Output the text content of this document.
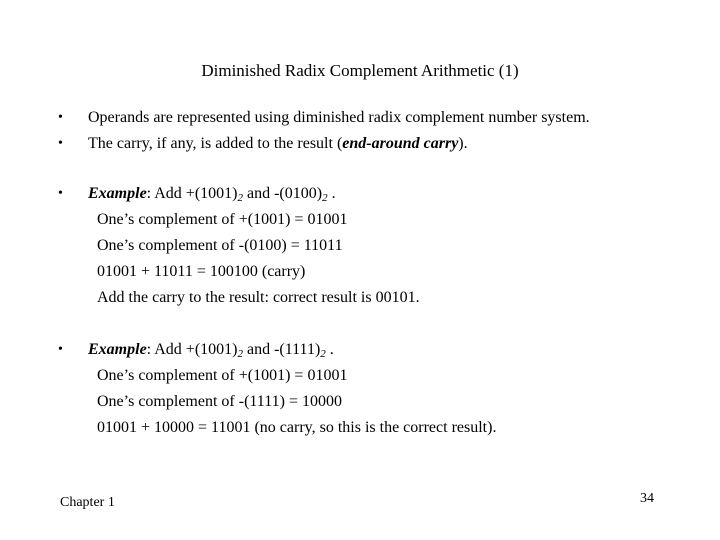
Diminished Radix Complement Arithmetic (1)
• Operands are represented using diminished radix complement number system.
• The carry, if any, is added to the result (end-around carry).
• Example: Add $+(1001)_2$ and $-(0100)_2$ .
One’s complement of +(1001) = 01001
One’s complement of -(0100) = 11011
01001 + 11011 = 100100 (carry)
Add the carry to the result: correct result is 00101.
• Example: Add $+(1001)_2$ and $-(1111)_2$ .
One’s complement of +(1001) = 01001
One’s complement of -(1111) = 10000
01001 + 10000 = 11001 (no carry, so this is the correct result).
Chapter 1	34
